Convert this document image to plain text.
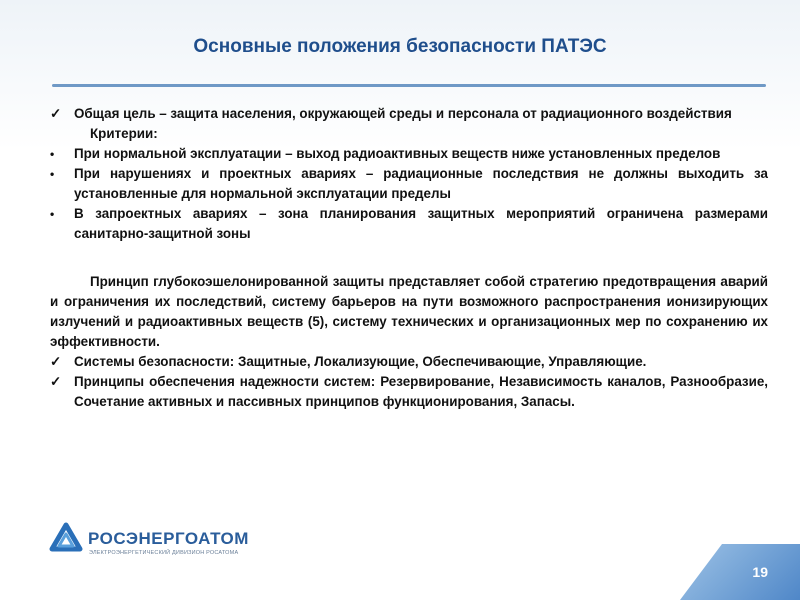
Основные положения безопасности ПАТЭС
✓ Общая цель – защита населения, окружающей среды и персонала от радиационного воздействия
Критерии:
•	При нормальной эксплуатации – выход радиоактивных веществ ниже установленных пределов
•	При нарушениях и проектных авариях – радиационные последствия не должны выходить за установленные для нормальной эксплуатации пределы
•	В запроектных авариях – зона планирования защитных мероприятий ограничена размерами санитарно-защитной зоны
Принцип глубокоэшелонированной защиты представляет собой стратегию предотвращения аварий и ограничения их последствий, систему барьеров на пути возможного распространения ионизирующих излучений и радиоактивных веществ (5), систему технических и организационных мер по сохранению их эффективности.
✓ Системы безопасности: Защитные, Локализующие, Обеспечивающие, Управляющие.
✓ Принципы обеспечения надежности систем: Резервирование, Независимость каналов, Разнообразие, Сочетание активных и пассивных принципов функционирования, Запасы.
РОСЭНЕРГОАТОМ
ЭЛЕКТРОЭНЕРГЕТИЧЕСКИЙ ДИВИЗИОН РОСАТОМА
19
